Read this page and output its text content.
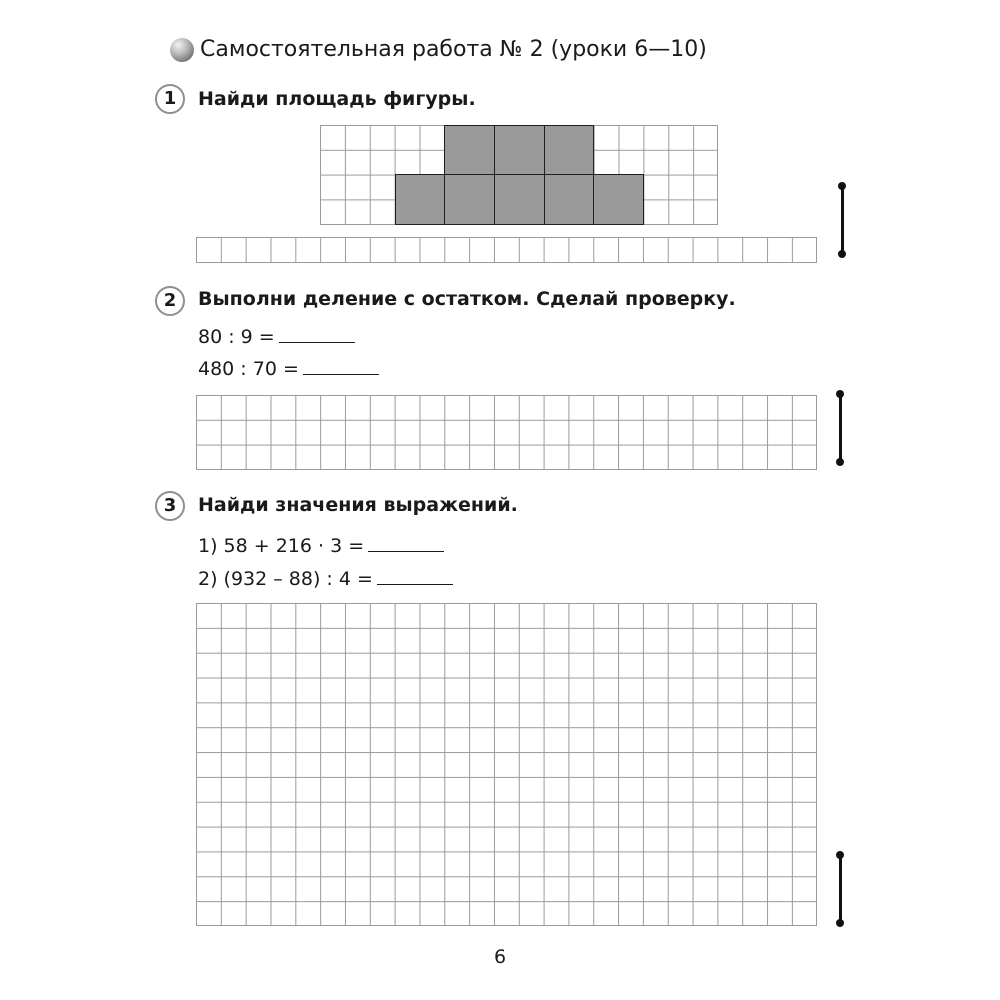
Самостоятельная работа № 2 (уроки 6—10)
1	Найди площадь фигуры.
2	Выполни деление с остатком. Сделай проверку.
80 : 9 =
480 : 70 =
3	Найди значения выражений.
1) 58 + 216 · 3 =
2) (932 – 88) : 4 =
6
